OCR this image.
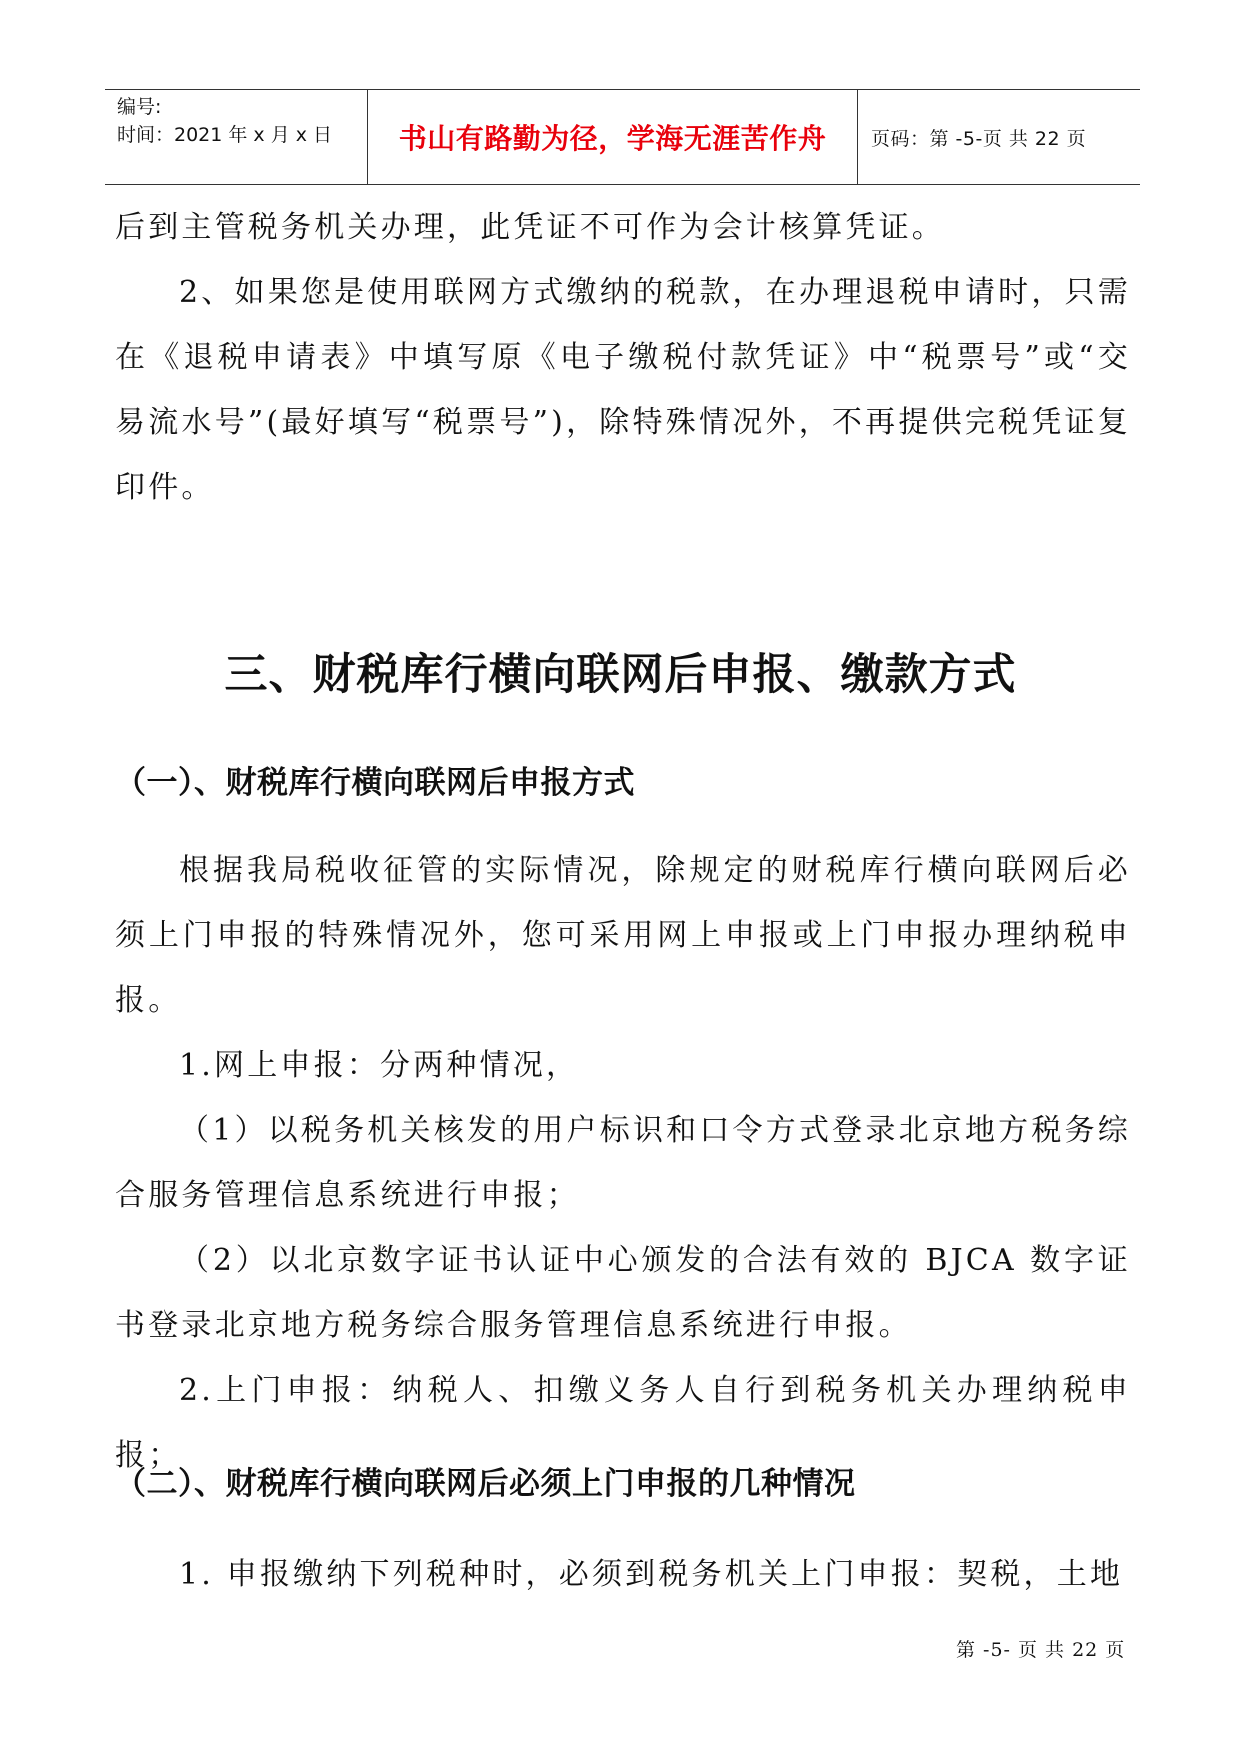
编号:
时间：2021 年 x 月 x 日	书山有路勤为径，学海无涯苦作舟	页码：第 -5-页 共 22 页

后到主管税务机关办理，此凭证不可作为会计核算凭证。

2、如果您是使用联网方式缴纳的税款，在办理退税申请时，只需在《退税申请表》中填写原《电子缴税付款凭证》中“税票号”或“交易流水号”(最好填写“税票号”)，除特殊情况外，不再提供完税凭证复印件。

三、财税库行横向联网后申报、缴款方式
（一）、财税库行横向联网后申报方式

根据我局税收征管的实际情况，除规定的财税库行横向联网后必须上门申报的特殊情况外，您可采用网上申报或上门申报办理纳税申报。

1.网上申报：分两种情况，

（1）以税务机关核发的用户标识和口令方式登录北京地方税务综合服务管理信息系统进行申报；

（2）以北京数字证书认证中心颁发的合法有效的 BJCA 数字证书登录北京地方税务综合服务管理信息系统进行申报。

2.上门申报：纳税人、扣缴义务人自行到税务机关办理纳税申报；

（二）、财税库行横向联网后必须上门申报的几种情况

1. 申报缴纳下列税种时，必须到税务机关上门申报：契税，土地

第 -5- 页 共 22 页
